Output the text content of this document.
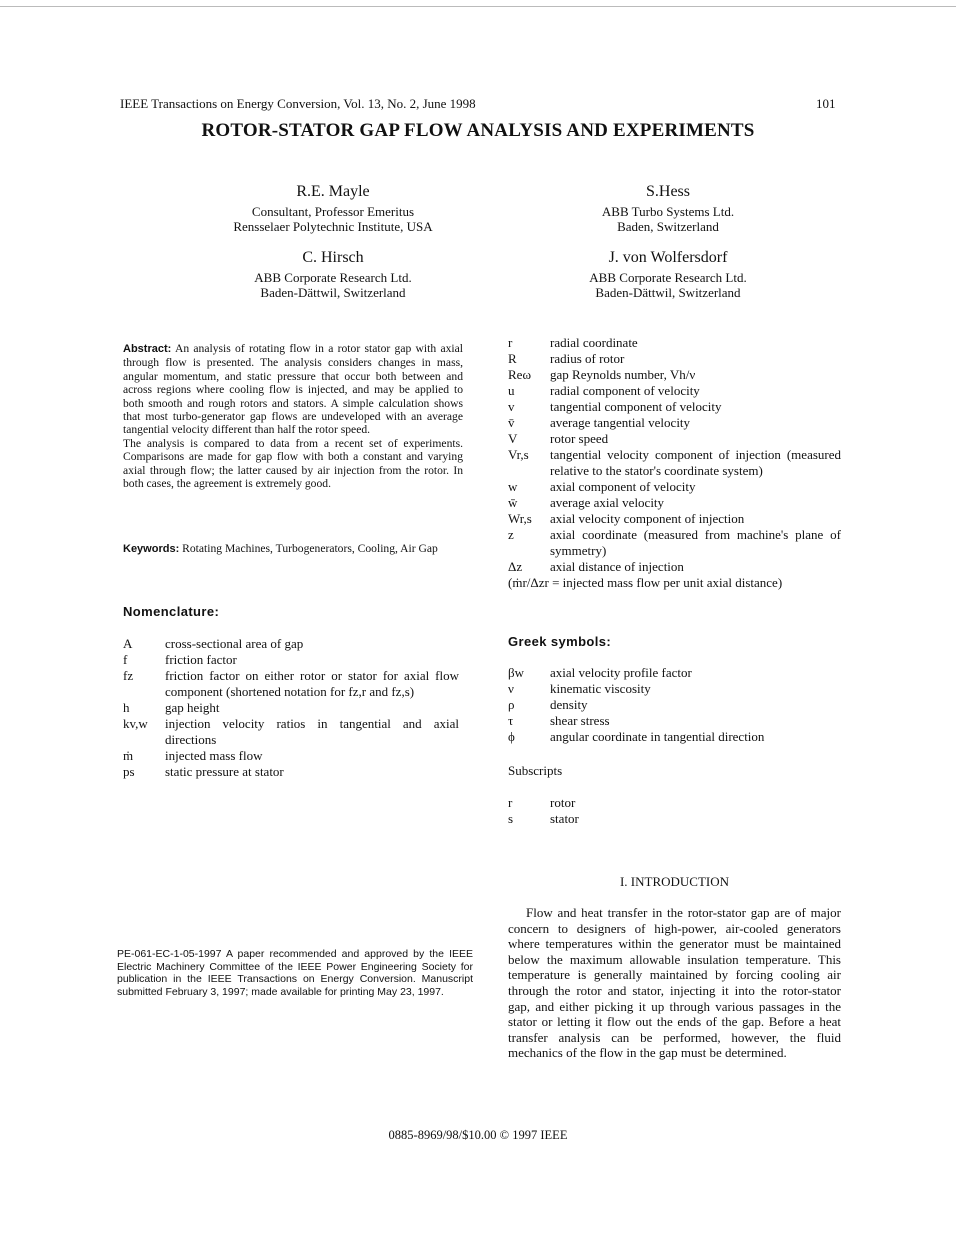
IEEE Transactions on Energy Conversion, Vol. 13, No. 2, June 1998	101
ROTOR-STATOR GAP FLOW ANALYSIS AND EXPERIMENTS
R.E. Mayle
Consultant, Professor Emeritus
Rensselaer Polytechnic Institute, USA
S.Hess
ABB Turbo Systems Ltd.
Baden, Switzerland
C. Hirsch
ABB Corporate Research Ltd.
Baden-Dättwil, Switzerland
J. von Wolfersdorf
ABB Corporate Research Ltd.
Baden-Dättwil, Switzerland

Abstract: An analysis of rotating flow in a rotor stator gap with axial through flow is presented. The analysis considers changes in mass, angular momentum, and static pressure that occur both between and across regions where cooling flow is injected, and may be applied to both smooth and rough rotors and stators. A simple calculation shows that most turbo-generator gap flows are undeveloped with an average tangential velocity different than half the rotor speed.

The analysis is compared to data from a recent set of experiments. Comparisons are made for gap flow with both a constant and varying axial through flow; the latter caused by air injection from the rotor. In both cases, the agreement is extremely good.

Keywords: Rotating Machines, Turbogenerators, Cooling, Air Gap
Nomenclature:
A	cross-sectional area of gap
f	friction factor
fz	friction factor on either rotor or stator for axial flow component (shortened notation for fz,r and fz,s)
h	gap height
kv,w	injection velocity ratios in tangential and axial directions
ṁ	injected mass flow
ps	static pressure at stator
r	radial coordinate
R	radius of rotor
Reω	gap Reynolds number, Vh/ν
u	radial component of velocity
v	tangential component of velocity
v̄	average tangential velocity
V	rotor speed
Vr,s	tangential velocity component of injection (measured relative to the stator's coordinate system)
w	axial component of velocity
w̄	average axial velocity
Wr,s	axial velocity component of injection
z	axial coordinate (measured from machine's plane of symmetry)
Δz	axial distance of injection
(ṁr/Δzr = injected mass flow per unit axial distance)
Greek symbols:
βw	axial velocity profile factor
ν	kinematic viscosity
ρ	density
τ	shear stress
ϕ	angular coordinate in tangential direction
Subscripts
r	rotor
s	stator
PE-061-EC-1-05-1997 A paper recommended and approved by the IEEE Electric Machinery Committee of the IEEE Power Engineering Society for publication in the IEEE Transactions on Energy Conversion. Manuscript submitted February 3, 1997; made available for printing May 23, 1997.
I. INTRODUCTION
Flow and heat transfer in the rotor-stator gap are of major concern to designers of high-power, air-cooled generators where temperatures within the generator must be maintained below the maximum allowable insulation temperature. This temperature is generally maintained by forcing cooling air through the rotor and stator, injecting it into the rotor-stator gap, and either picking it up through various passages in the stator or letting it flow out the ends of the gap. Before a heat transfer analysis can be performed, however, the fluid mechanics of the flow in the gap must be determined.
0885-8969/98/$10.00 © 1997 IEEE
